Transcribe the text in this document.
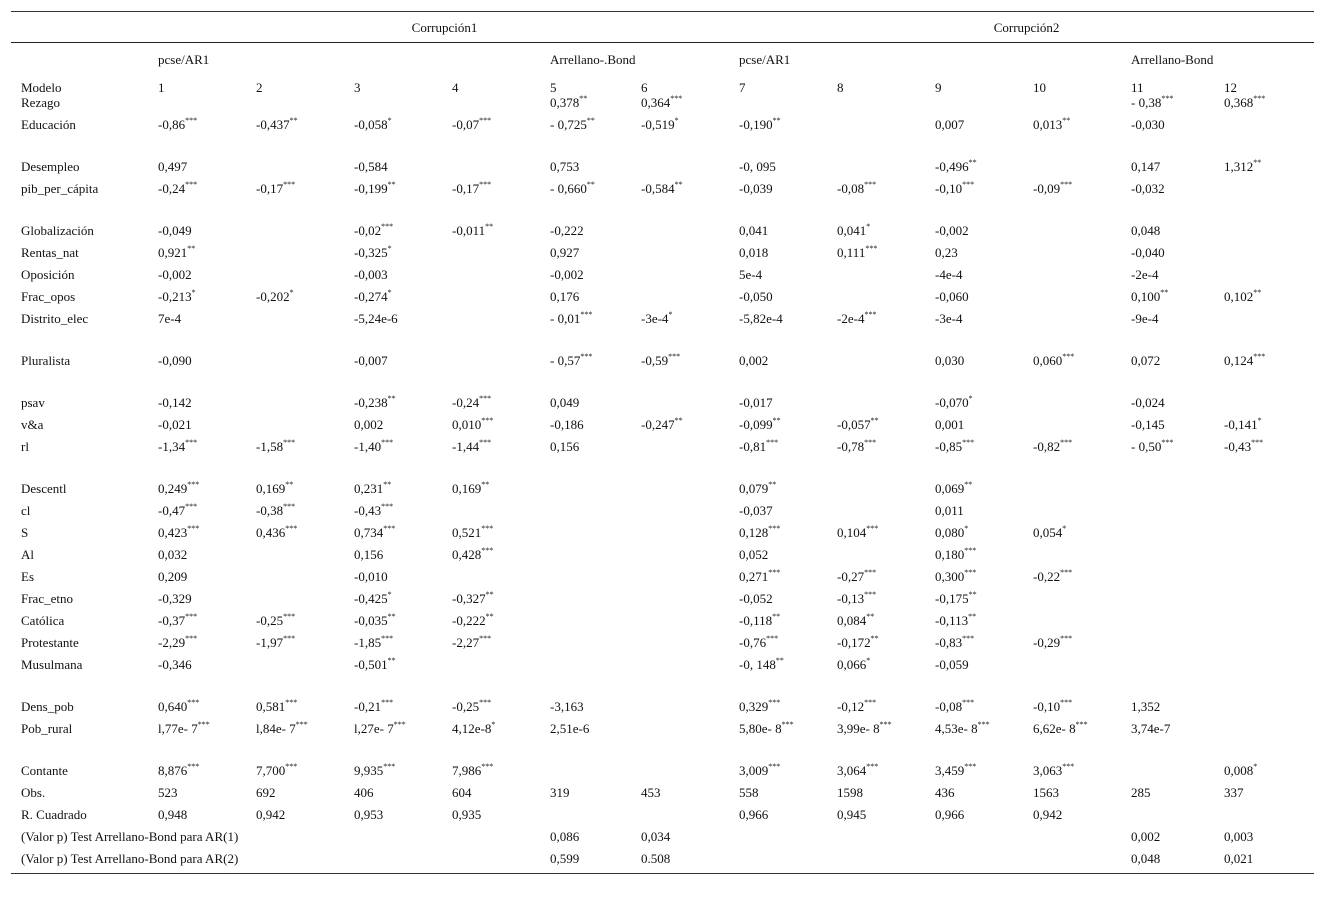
	Corrupción1						Corrupción2					
	pcse/AR1				Arrellano-.Bond		pcse/AR1				Arrellano-Bond	
Modelo	1	2	3	4	5	6	7	8	9	10	11	12
Rezago					0,378**	0,364***					- 0,38***	0,368***
Educación	-0,86***	-0,437**	-0,058*	-0,07***	- 0,725**	-0,519*	-0,190**		0,007	0,013**	-0,030	
Desempleo	0,497		-0,584		0,753		-0, 095		-0,496**		0,147	1,312**
pib_per_cápita	-0,24***	-0,17***	-0,199**	-0,17***	- 0,660**	-0,584**	-0,039	-0,08***	-0,10***	-0,09***	-0,032	
Globalización	-0,049		-0,02***	-0,011**	-0,222		0,041	0,041*	-0,002		0,048	
Rentas_nat	0,921**		-0,325*		0,927		0,018	0,111***	0,23		-0,040	
Oposición	-0,002		-0,003		-0,002		5e-4		-4e-4		-2e-4	
Frac_opos	-0,213*	-0,202*	-0,274*		0,176		-0,050		-0,060		0,100**	0,102**
Distrito_elec	7e-4		-5,24e-6		- 0,01***	-3e-4*	-5,82e-4	-2e-4***	-3e-4		-9e-4	
Pluralista	-0,090		-0,007		- 0,57***	-0,59***	0,002		0,030	0,060***	0,072	0,124***
psav	-0,142		-0,238**	-0,24***	0,049		-0,017		-0,070*		-0,024	
v&a	-0,021		0,002	0,010***	-0,186	-0,247**	-0,099**	-0,057**	0,001		-0,145	-0,141*
rl	-1,34***	-1,58***	-1,40***	-1,44***	0,156		-0,81***	-0,78***	-0,85***	-0,82***	- 0,50***	-0,43***
Descentl	0,249***	0,169**	0,231**	0,169**			0,079**		0,069**			
cl	-0,47***	-0,38***	-0,43***				-0,037		0,011			
S	0,423***	0,436***	0,734***	0,521***			0,128***	0,104***	0,080*	0,054*		
Al	0,032		0,156	0,428***			0,052		0,180***			
Es	0,209		-0,010				0,271***	-0,27***	0,300***	-0,22***		
Frac_etno	-0,329		-0,425*	-0,327**			-0,052	-0,13***	-0,175**			
Católica	-0,37***	-0,25***	-0,035**	-0,222**			-0,118**	0,084**	-0,113**			
Protestante	-2,29***	-1,97***	-1,85***	-2,27***			-0,76***	-0,172**	-0,83***	-0,29***		
Musulmana	-0,346		-0,501**				-0, 148**	0,066*	-0,059			
Dens_pob	0,640***	0,581***	-0,21***	-0,25***	-3,163		0,329***	-0,12***	-0,08***	-0,10***	1,352	
Pob_rural	l,77e- 7***	l,84e- 7***	l,27e- 7***	4,12e-8*	2,51e-6		5,80e- 8***	3,99e- 8***	4,53e- 8***	6,62e- 8***	3,74e-7	
Contante	8,876***	7,700***	9,935***	7,986***			3,009***	3,064***	3,459***	3,063***		0,008*
Obs.	523	692	406	604	319	453	558	1598	436	1563	285	337
R. Cuadrado	0,948	0,942	0,953	0,935			0,966	0,945	0,966	0,942		
(Valor p) Test Arrellano-Bond para AR(1)					0,086	0,034					0,002	0,003
(Valor p) Test Arrellano-Bond para AR(2)					0,599	0.508					0,048	0,021
